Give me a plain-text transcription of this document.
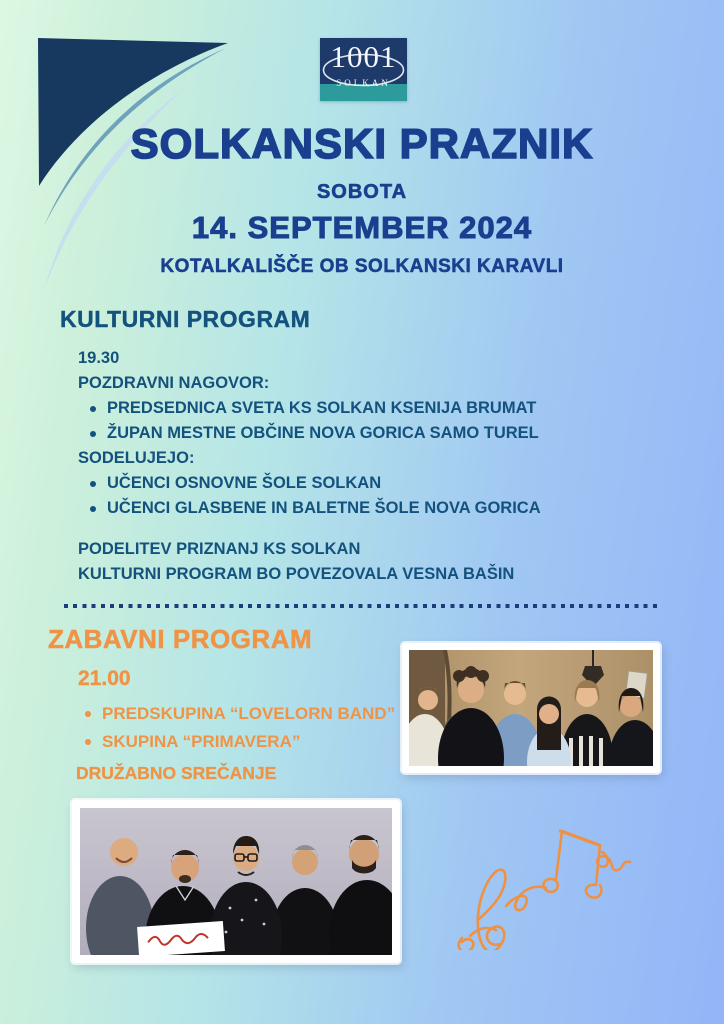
1001
SOLKAN
SOLKANSKI PRAZNIK
SOBOTA
14. SEPTEMBER 2024
KOTALKALIŠČE OB SOLKANSKI KARAVLI
KULTURNI PROGRAM
19.30
POZDRAVNI NAGOVOR:
PREDSEDNICA SVETA KS SOLKAN KSENIJA BRUMAT
ŽUPAN MESTNE OBČINE NOVA GORICA SAMO TUREL
SODELUJEJO:
UČENCI OSNOVNE ŠOLE SOLKAN
UČENCI GLASBENE IN BALETNE ŠOLE NOVA GORICA
PODELITEV PRIZNANJ KS SOLKAN
KULTURNI PROGRAM BO POVEZOVALA VESNA BAŠIN
ZABAVNI PROGRAM
21.00
PREDSKUPINA “LOVELORN BAND”
SKUPINA “PRIMAVERA”
DRUŽABNO SREČANJE
